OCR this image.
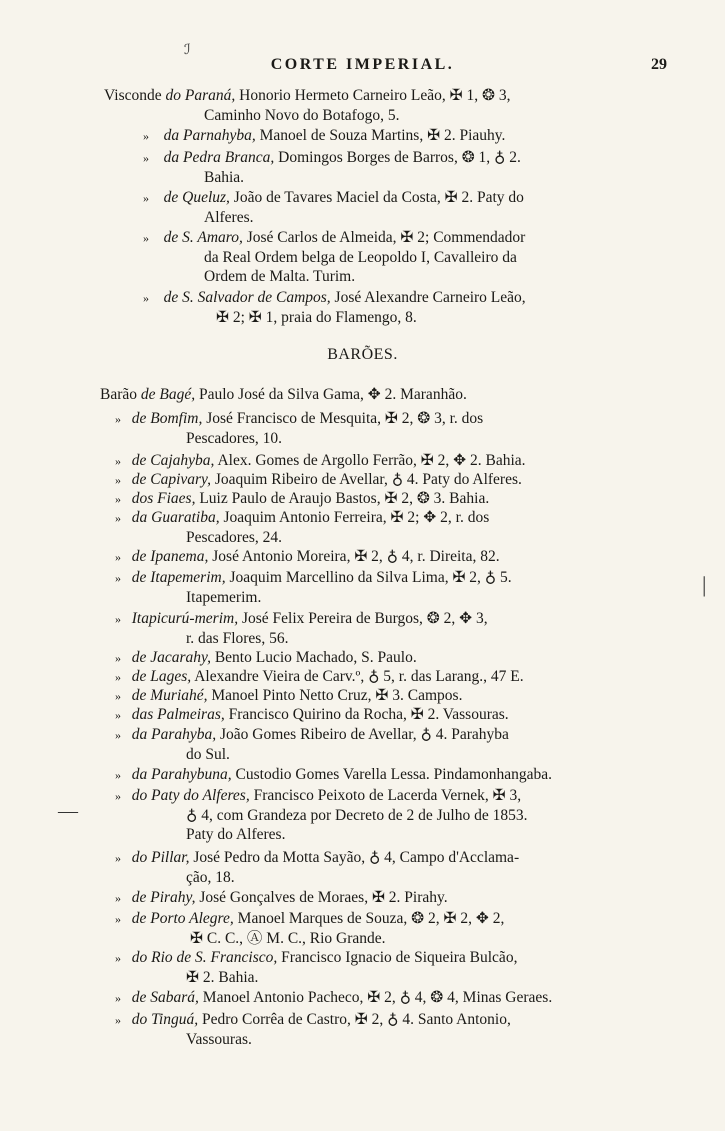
ℐ
—
|
CORTE IMPERIAL.	29
Visconde do Paraná, Honorio Hermeto Carneiro Leão, ✠ 1, ❂ 3,
Caminho Novo do Botafogo, 5.
» da Parnahyba, Manoel de Souza Martins, ✠ 2. Piauhy.
» da Pedra Branca, Domingos Borges de Barros, ❂ 1, ♁ 2.
Bahia.
» de Queluz, João de Tavares Maciel da Costa, ✠ 2. Paty do
Alferes.
» de S. Amaro, José Carlos de Almeida, ✠ 2; Commendador
da Real Ordem belga de Leopoldo I, Cavalleiro da
Ordem de Malta. Turim.
» de S. Salvador de Campos, José Alexandre Carneiro Leão,
✠ 2; ✠ 1, praia do Flamengo, 8.
BARÕES.
Barão de Bagé, Paulo José da Silva Gama, ✥ 2. Maranhão.
» de Bomfim, José Francisco de Mesquita, ✠ 2, ❂ 3, r. dos
Pescadores, 10.
» de Cajahyba, Alex. Gomes de Argollo Ferrão, ✠ 2, ✥ 2. Bahia.
» de Capivary, Joaquim Ribeiro de Avellar, ♁ 4. Paty do Alferes.
» dos Fiaes, Luiz Paulo de Araujo Bastos, ✠ 2, ❂ 3. Bahia.
» da Guaratiba, Joaquim Antonio Ferreira, ✠ 2; ✥ 2, r. dos
Pescadores, 24.
» de Ipanema, José Antonio Moreira, ✠ 2, ♁ 4, r. Direita, 82.
» de Itapemerim, Joaquim Marcellino da Silva Lima, ✠ 2, ♁ 5.
Itapemerim.
» Itapicurú-merim, José Felix Pereira de Burgos, ❂ 2, ✥ 3,
r. das Flores, 56.
» de Jacarahy, Bento Lucio Machado, S. Paulo.
» de Lages, Alexandre Vieira de Carv.º, ♁ 5, r. das Larang., 47 E.
» de Muriahé, Manoel Pinto Netto Cruz, ✠ 3. Campos.
» das Palmeiras, Francisco Quirino da Rocha, ✠ 2. Vassouras.
» da Parahyba, João Gomes Ribeiro de Avellar, ♁ 4. Parahyba
do Sul.
» da Parahybuna, Custodio Gomes Varella Lessa. Pindamonhangaba.
» do Paty do Alferes, Francisco Peixoto de Lacerda Vernek, ✠ 3,
♁ 4, com Grandeza por Decreto de 2 de Julho de 1853.
Paty do Alferes.
» do Pillar, José Pedro da Motta Sayão, ♁ 4, Campo d'Acclama-
ção, 18.
» de Pirahy, José Gonçalves de Moraes, ✠ 2. Pirahy.
» de Porto Alegre, Manoel Marques de Souza, ❂ 2, ✠ 2, ✥ 2,
✠ C. C., Ⓐ M. C., Rio Grande.
» do Rio de S. Francisco, Francisco Ignacio de Siqueira Bulcão,
✠ 2. Bahia.
» de Sabará, Manoel Antonio Pacheco, ✠ 2, ♁ 4, ❂ 4, Minas Geraes.
» do Tinguá, Pedro Corrêa de Castro, ✠ 2, ♁ 4. Santo Antonio,
Vassouras.
